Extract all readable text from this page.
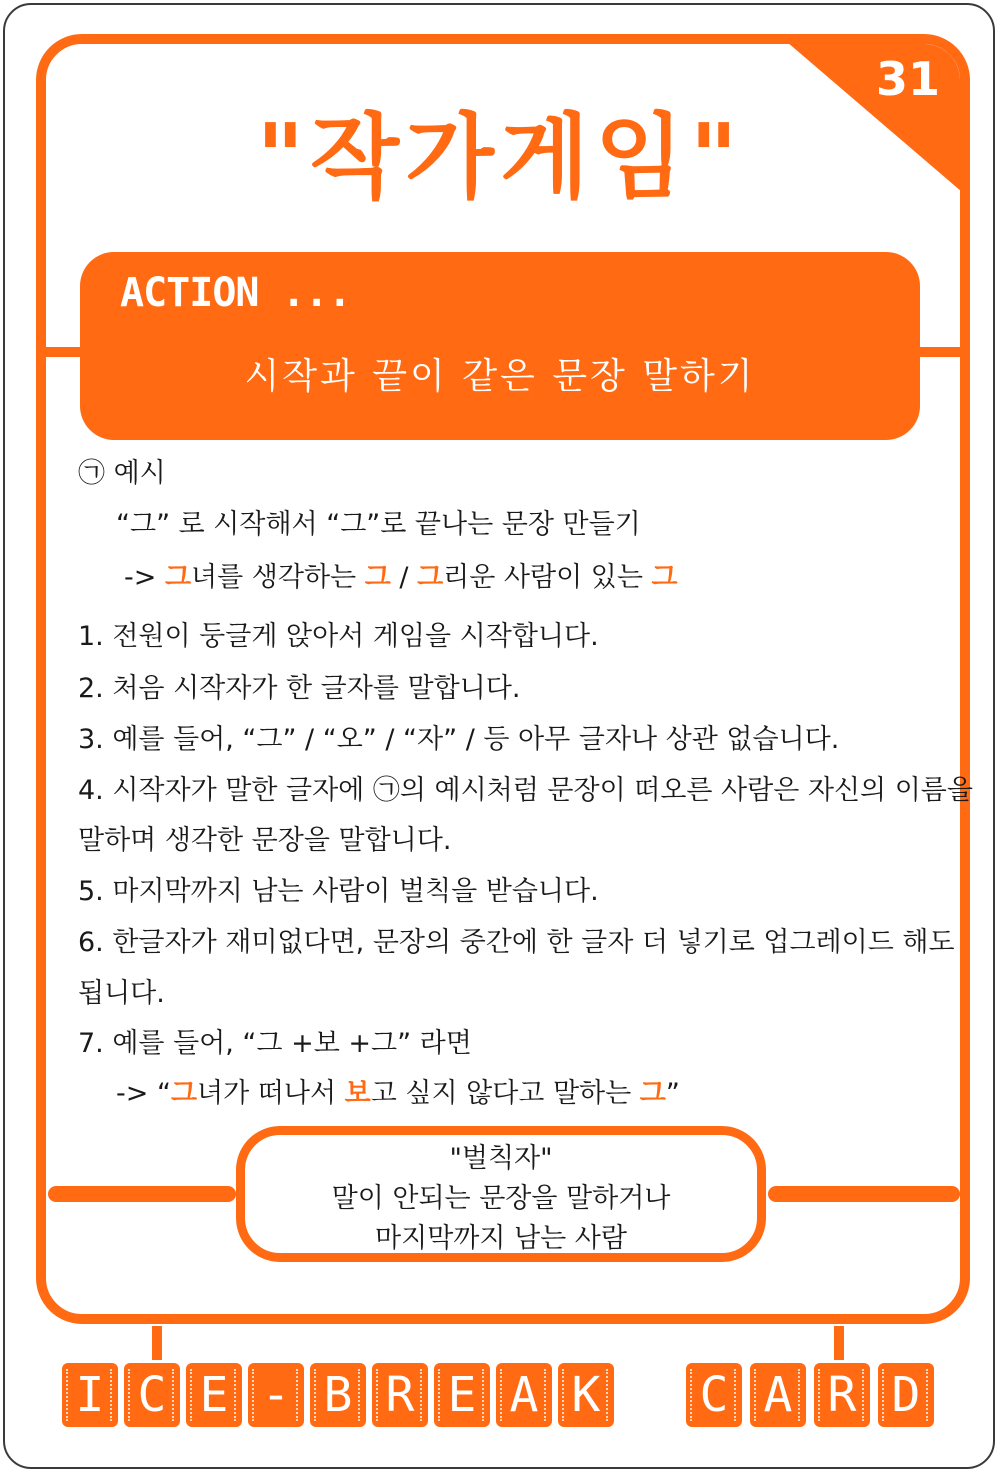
31
"작가게임"
ACTION ...
시작과 끝이 같은 문장 말하기
㉠ 예시
“그” 로 시작해서 “그”로 끝나는 문장 만들기
-> 그녀를 생각하는 그 / 그리운 사람이 있는 그
1. 전원이 둥글게 앉아서 게임을 시작합니다.
2. 처음 시작자가 한 글자를 말합니다.
3. 예를 들어, “그” / “오” / “자” / 등 아무 글자나 상관 없습니다.
4. 시작자가 말한 글자에 ㉠의 예시처럼 문장이 떠오른 사람은 자신의 이름을
말하며 생각한 문장을 말합니다.
5. 마지막까지 남는 사람이 벌칙을 받습니다.
6. 한글자가 재미없다면, 문장의 중간에 한 글자 더 넣기로 업그레이드 해도
됩니다.
7. 예를 들어, “그 +보 +그” 라면
-> “그녀가 떠나서 보고 싶지 않다고 말하는 그”
"벌칙자"
말이 안되는 문장을 말하거나
마지막까지 남는 사람
I C E - B R E A K C A R D
